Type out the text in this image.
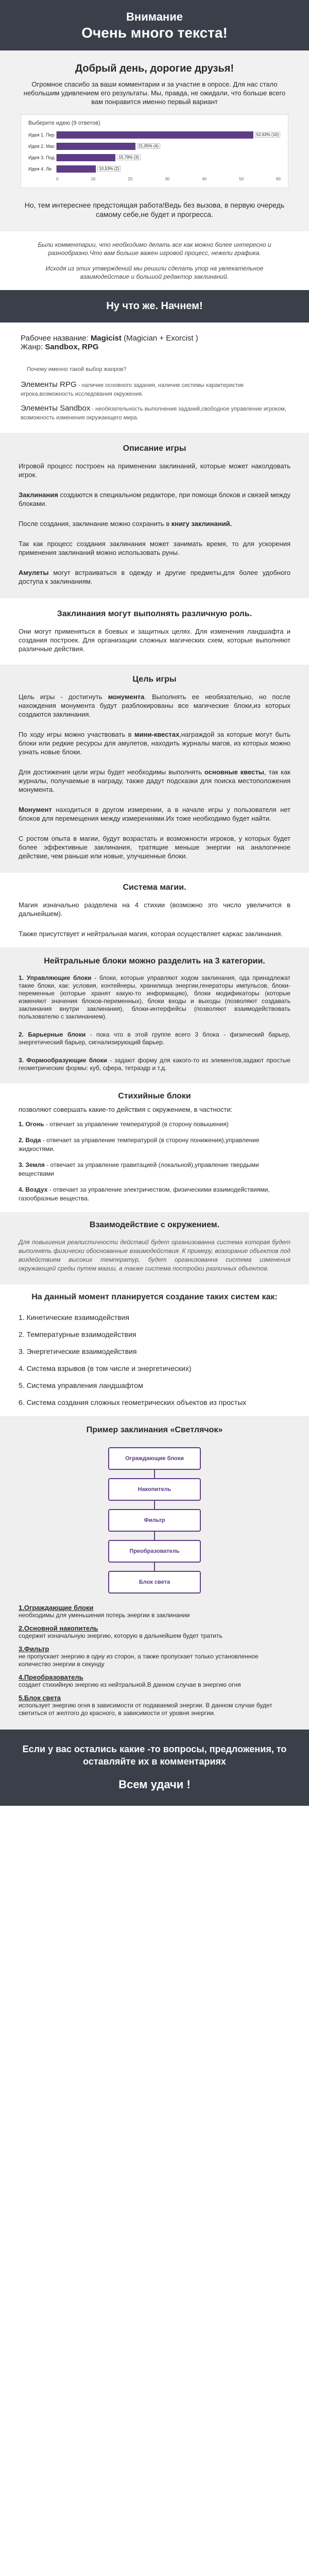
Внимание
Очень много текста!
Добрый день, дорогие друзья!
Огромное спасибо за ваши комментарии и за участие в опросе. Для нас стало небольшим удивлением его результаты. Мы, правда, не ожидали, что больше всего вам понравится именно первый вариант
Выберите идею (9 ответов)
Идея 1. Пер	52,63% (10)
Идея 2. Мас	21,05% (4)
Идея 3. Под	15,79% (3)
Идея 4. Ле	10,53% (2)
0	10	20	30	40	50	60
Но, тем интереснее предстоящая работа!Ведь без вызова, в первую очередь самому себе,не будет и прогресса.
Были комментарии, что необходимо делать все как можно более интересно и разнообразно.Что вам больше важен игровой процесс, нежели графика.
Исходя из этих утверждений мы решили сделать упор на увлекательное взаимодействие и большой редактор заклинаний.
Ну что же. Начнем!
Рабочее название: Magicist (Magician + Exorcist )
Жанр: Sandbox, RPG
Почему именно такой выбор жанров?
Элементы RPG - наличие основного задания, наличие системы характеристик игрока,возможность исследования окружения.
Элементы Sandbox - необязательность выполнения заданий,свободное управление игроком, возможность изменения окружающего мира.
Описание игры
Игровой процесс построен на применении заклинаний, которые может наколдовать игрок.
Заклинания создаются в специальном редакторе, при помощи блоков и связей между блоками.
После создания, заклинание можно сохранить в книгу заклинаний.
Так как процесс создания заклинания может занимать время, то для ускорения применения заклинаний можно использовать руны.
Амулеты могут встраиваться в одежду и другие предметы,для более удобного доступа к заклинаниям.
Заклинания могут выполнять различную роль.
Они могут применяться в боевых и защитных целях. Для изменения ландшафта и создания построек. Для организации сложных магических схем, которые выполняют различные действия.
Цель игры
Цель игры - достигнуть монумента. Выполнять ее необязательно, но после нахождения монумента будут разблокированы все магические блоки,из которых создаются заклинания.
По ходу игры можно участвовать в мини-квестах,награждой за которые могут быть блоки или редкие ресурсы для амулетов, находить журналы магов, из которых можно узнать новые блоки.
Для достижения цели игры будет необходимы выполнять основные квесты, так как журналы, получаемые в награду, также дадут подсказки для поиска местоположения монумента.
Монумент находиться в другом измерении, а в начале игры у пользователя нет блоков для перемещения между измерениями.Их тоже необходимо будет найти.
С ростом опыта в магии, будут возрастать и возможности игроков, у которых будет более эффективные заклинания, тратящие меньше энергии на аналогичное действие, чем раньше или новые, улучшенные блоки.
Система магии.
Магия изначально разделена на 4 стихии (возможно это число увеличится в дальнейшем).
Также присутствует и нейтральная магия, которая осуществляет каркас заклинания.
Нейтральные блоки можно разделить на 3 категории.
1. Управляющие блоки - блоки, которые управляют ходом заклинания, ода принадлежат такие блоки, как: условия, контейнеры, хранилища энергии,генераторы импульсов, блоки-переменные (которые хранят какую-то информацию), блоки модификаторы (которые изменяют значения блоков-переменных), блоки входы и выходы (позволяют создавать заклинания внутри заклинания), блоки-интерфейсы (позволяют взаимодействовать пользователю с заклинанием).
2. Барьерные блоки - пока что в этой группе всего 3 блока - физический барьер, энергетический барьер, сигнализирующий барьер.
3. Формообразующие блоки - задают форму для какого-то из элементов,задают простые геометрические формы: куб, сфера, тетраэдр и т.д.
Стихийные блоки
позволяют совершать какие-то действия с окружением, в частности:
1. Огонь - отвечает за управление температурой (в сторону повышения)
2. Вода - отвечает за управление температурой (в сторону понижения),управление жидкостями.
3. Земля - отвечает за управление гравитацией (локальной),управление твердыми веществами
4. Воздух - отвечает за управление электричеством, физическими взаимодействиями, газообразные вещества.
Взаимодействие с окружением.
Для повышения реалистичности действий будет организованна система которая будет выполнять физически обоснованные взаимодействия. К примеру, возгорание объектов под воздействием высоких температур, будет организованна система изменения окружающей среды путем магии, а также система постройки различных объектов.
На данный момент планируется создание таких систем как:
1. Кинетические взаимодействия
2. Температурные взаимодействия
3. Энергетические взаимодействия
4. Система взрывов (в том числе и энергетических)
5. Система управления ландшафтом
6. Система создания сложных геометрических объектов из простых
Пример заклинания «Светлячок»
Ограждающие блоки
Накопитель
Фильтр
Преобразователь
Блок света
1.Ограждающие блоки
необходимы для уменьшения потерь энергии в заклинании
2.Основной накопитель
содержит изначальную энергию, которую в дальнейшем будет тратить
3.Фильтр
не пропускает энергию в одну из сторон, а также пропускает только установленное количество энергии в секунду
4.Преобразователь
создает стихийную энергию из нейтральной.В данном случае в энергию огня
5.Блок света
использует энергию огня в зависимости от подаваемой энергии. В данном случае будет светиться от желтого до красного, в зависимости от уровня энергии.
Если у вас остались какие -то вопросы, предложения, то оставляйте их в комментариях
Всем удачи !
